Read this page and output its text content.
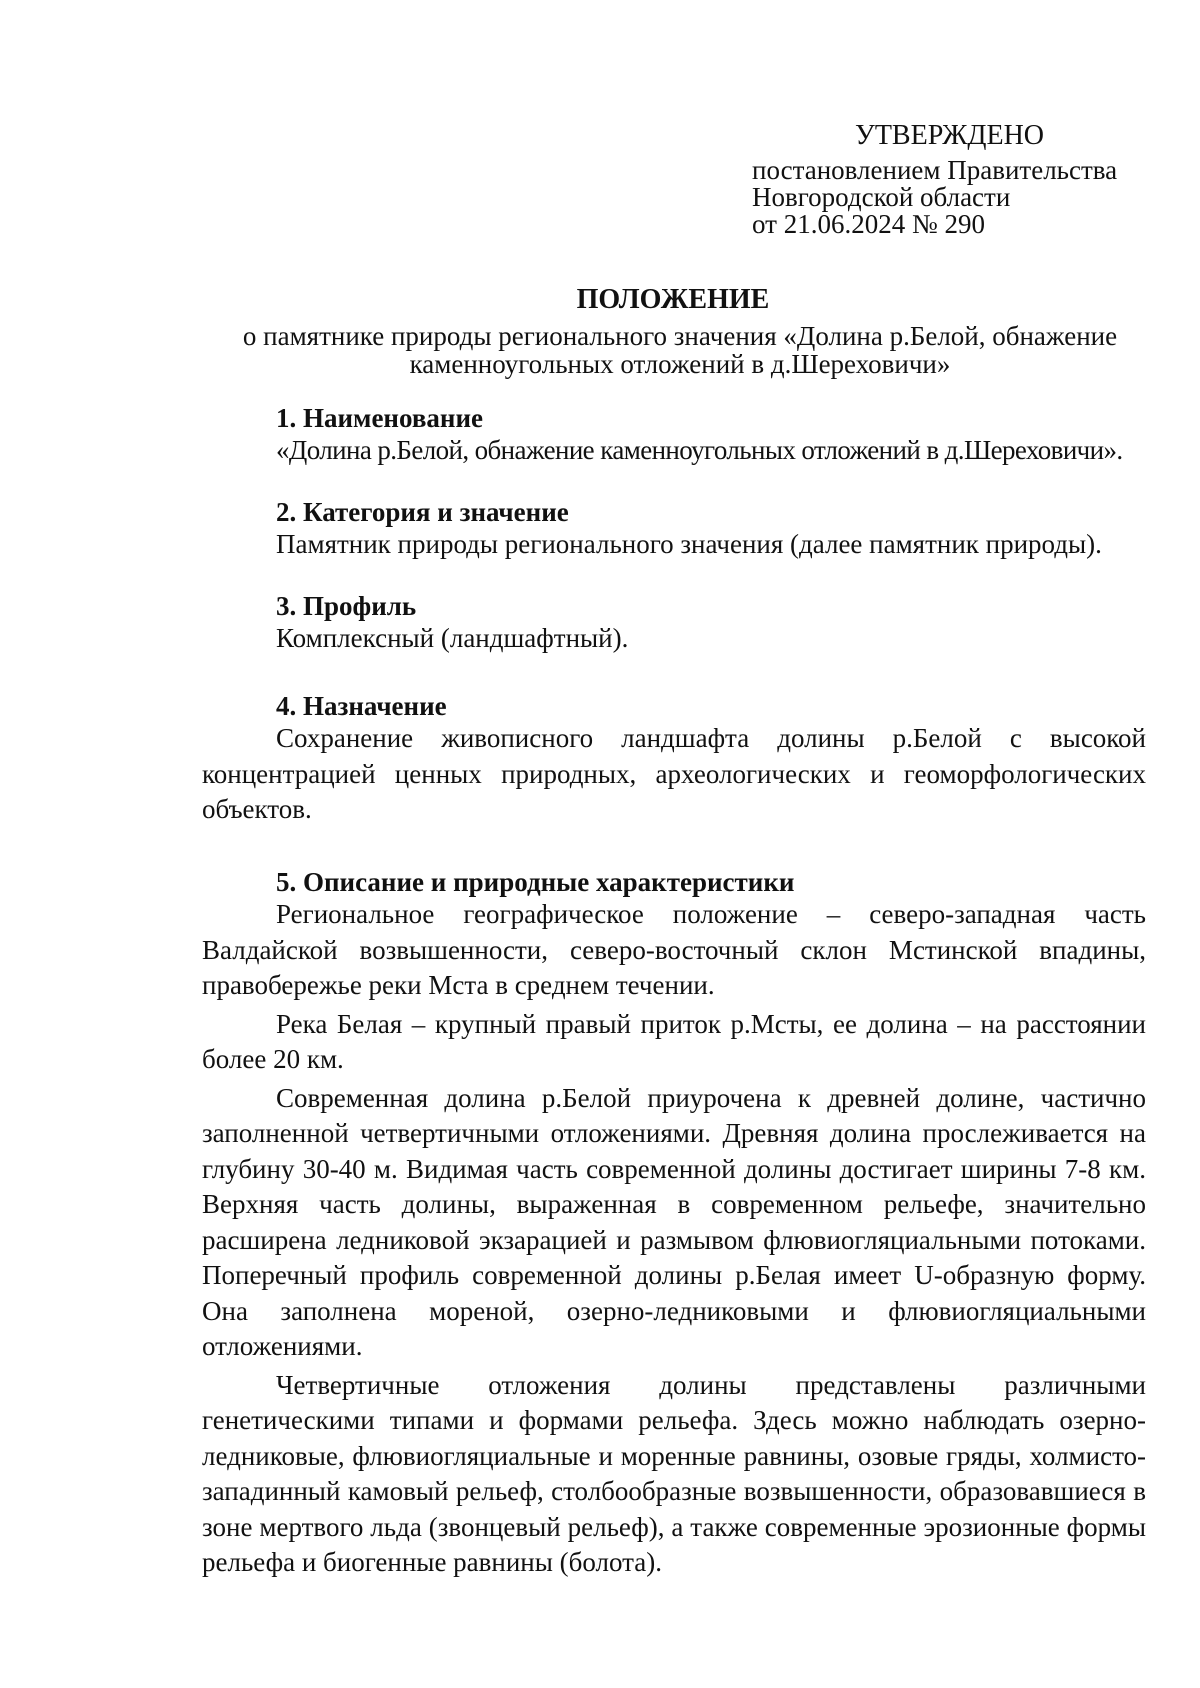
УТВЕРЖДЕНО
постановлением Правительства
Новгородской области
от 21.06.2024 № 290
ПОЛОЖЕНИЕ
о памятнике природы регионального значения «Долина р.Белой, обнажение каменноугольных отложений в д.Шереховичи»
1. Наименование

«Долина р.Белой, обнажение каменноугольных отложений в д.Шереховичи».

2. Категория и значение

Памятник природы регионального значения (далее памятник природы).

3. Профиль

Комплексный (ландшафтный).

4. Назначение

Сохранение живописного ландшафта долины р.Белой с высокой концентрацией ценных природных, археологических и геоморфологических объектов.

5. Описание и природные характеристики

Региональное географическое положение – северо-западная часть Валдайской возвышенности, северо-восточный склон Мстинской впадины, правобережье реки Мста в среднем течении.

Река Белая – крупный правый приток р.Мсты, ее долина – на расстоянии более 20 км.

Современная долина р.Белой приурочена к древней долине, частично заполненной четвертичными отложениями. Древняя долина прослеживается на глубину 30-40 м. Видимая часть современной долины достигает ширины 7-8 км. Верхняя часть долины, выраженная в современном рельефе, значительно расширена ледниковой экзарацией и размывом флювиогляциальными потоками. Поперечный профиль современной долины р.Белая имеет U-образную форму. Она заполнена мореной, озерно-ледниковыми и флювиогляциальными отложениями.

Четвертичные отложения долины представлены различными генетическими типами и формами рельефа. Здесь можно наблюдать озерно-ледниковые, флювиогляциальные и моренные равнины, озовые гряды, холмисто-западинный камовый рельеф, столбообразные возвышенности, образовавшиеся в зоне мертвого льда (звонцевый рельеф), а также современные эрозионные формы рельефа и биогенные равнины (болота).
